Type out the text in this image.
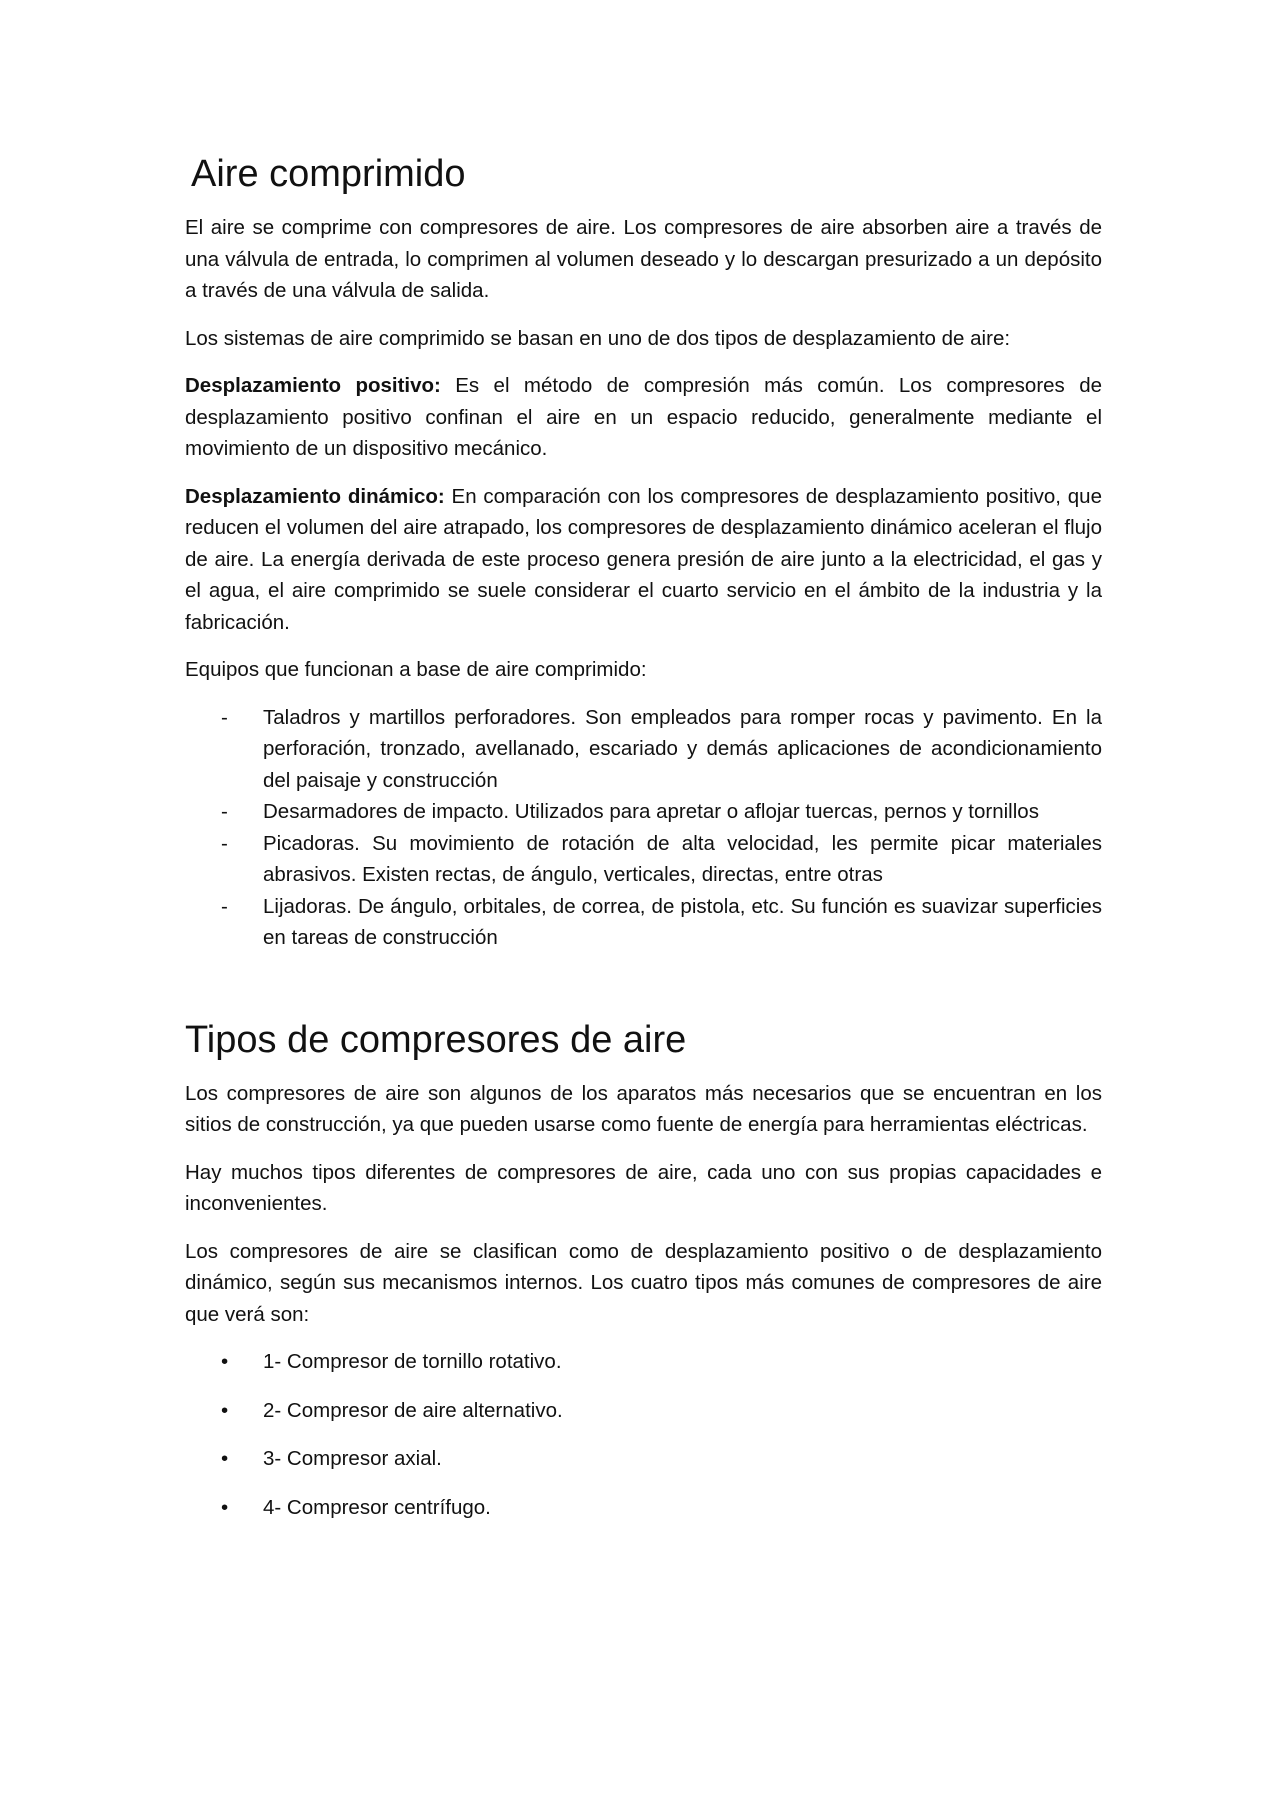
Aire comprimido

El aire se comprime con compresores de aire. Los compresores de aire absorben aire a través de una válvula de entrada, lo comprimen al volumen deseado y lo descargan presurizado a un depósito a través de una válvula de salida.

Los sistemas de aire comprimido se basan en uno de dos tipos de desplazamiento de aire:

Desplazamiento positivo: Es el método de compresión más común. Los compresores de desplazamiento positivo confinan el aire en un espacio reducido, generalmente mediante el movimiento de un dispositivo mecánico.

Desplazamiento dinámico: En comparación con los compresores de desplazamiento positivo, que reducen el volumen del aire atrapado, los compresores de desplazamiento dinámico aceleran el flujo de aire. La energía derivada de este proceso genera presión de aire junto a la electricidad, el gas y el agua, el aire comprimido se suele considerar el cuarto servicio en el ámbito de la industria y la fabricación.

Equipos que funcionan a base de aire comprimido:

- Taladros y martillos perforadores. Son empleados para romper rocas y pavimento. En la perforación, tronzado, avellanado, escariado y demás aplicaciones de acondicionamiento del paisaje y construcción
- Desarmadores de impacto. Utilizados para apretar o aflojar tuercas, pernos y tornillos
- Picadoras. Su movimiento de rotación de alta velocidad, les permite picar materiales abrasivos. Existen rectas, de ángulo, verticales, directas, entre otras
- Lijadoras. De ángulo, orbitales, de correa, de pistola, etc. Su función es suavizar superficies en tareas de construcción
Tipos de compresores de aire

Los compresores de aire son algunos de los aparatos más necesarios que se encuentran en los sitios de construcción, ya que pueden usarse como fuente de energía para herramientas eléctricas.

Hay muchos tipos diferentes de compresores de aire, cada uno con sus propias capacidades e inconvenientes.

Los compresores de aire se clasifican como de desplazamiento positivo o de desplazamiento dinámico, según sus mecanismos internos. Los cuatro tipos más comunes de compresores de aire que verá son:

• 1- Compresor de tornillo rotativo.
• 2- Compresor de aire alternativo.
• 3- Compresor axial.
• 4- Compresor centrífugo.
